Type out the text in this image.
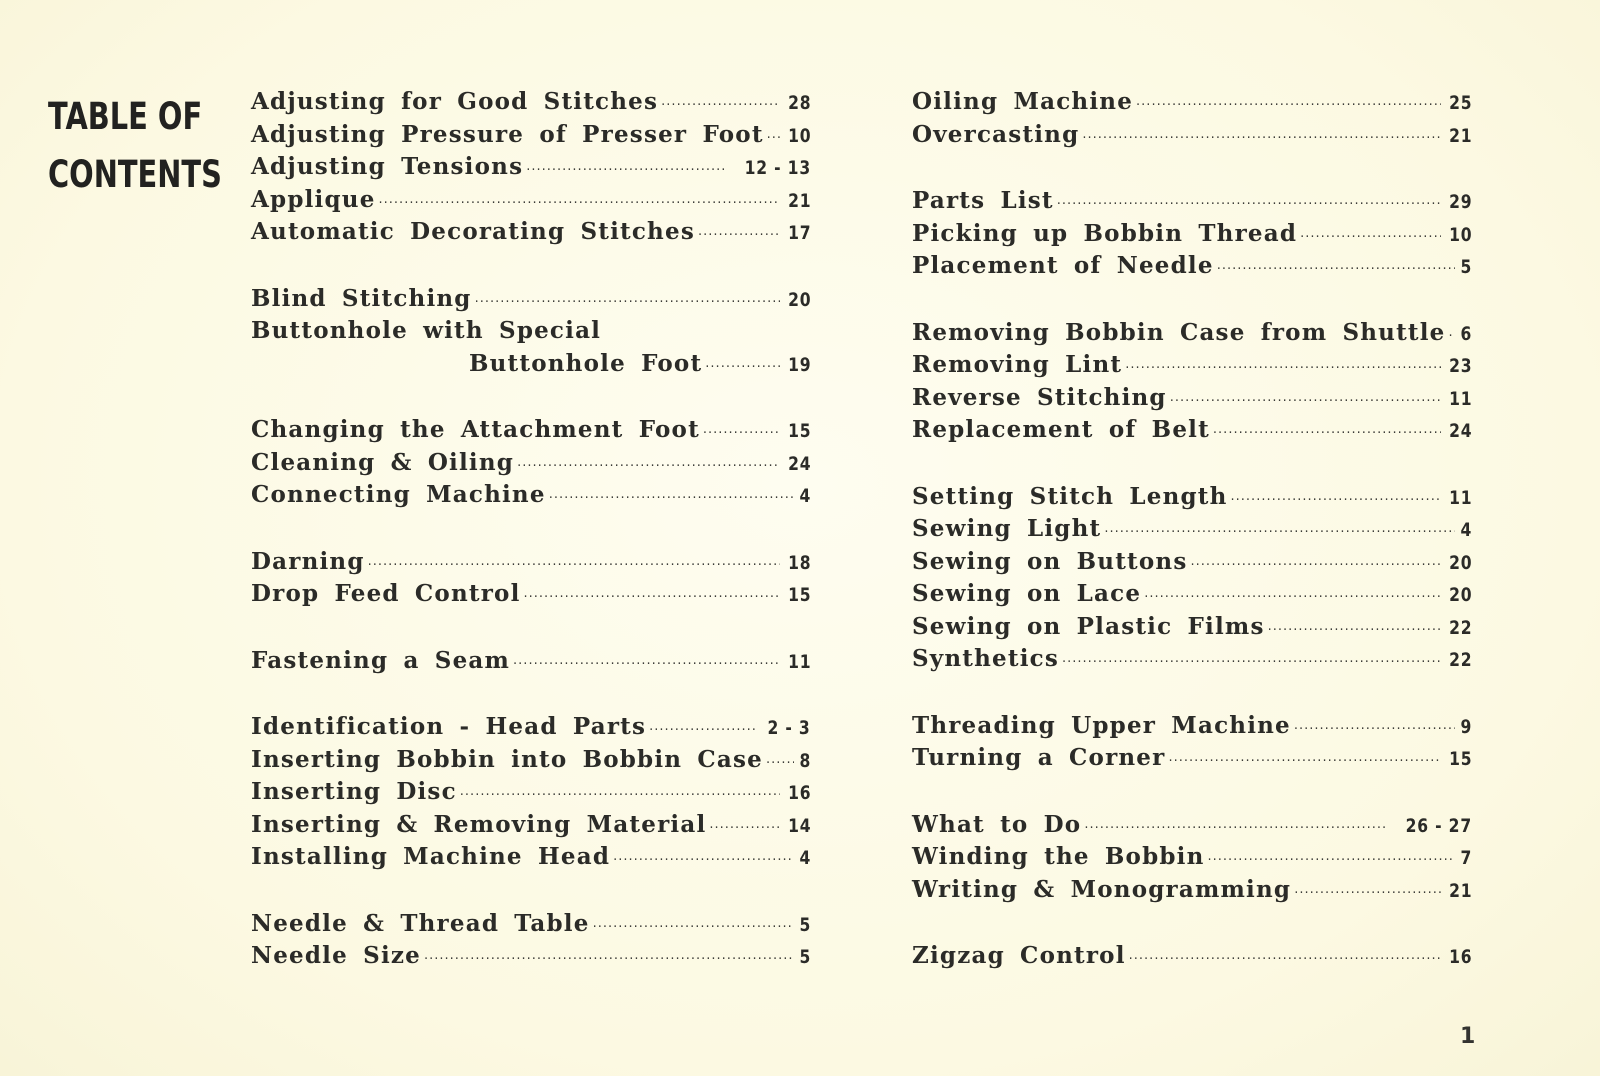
TABLE OF
CONTENTS
Adjusting for Good Stitches ·····	28
Adjusting Pressure of Presser Foot ····· 10
Adjusting Tensions ·····	12 - 13
Applique ·····	21
Automatic Decorating Stitches ·····	17
Blind Stitching ·····	20
Buttonhole with Special
Buttonhole Foot ·····	19
Changing the Attachment Foot ·····	15
Cleaning & Oiling ·····	24
Connecting Machine ·····	4
Darning ·····	18
Drop Feed Control ·····	15
Fastening a Seam ·····	11
Identification - Head Parts ·····	2 - 3
Inserting Bobbin into Bobbin Case ····· 8
Inserting Disc ·····	16
Inserting & Removing Material ·····	14
Installing Machine Head ·····	4
Needle & Thread Table ·····	5
Needle Size ·····	5
Oiling Machine ·····	25
Overcasting ·····	21
Parts List ·····	29
Picking up Bobbin Thread ·····	10
Placement of Needle ·····	5
Removing Bobbin Case from Shuttle ····· 6
Removing Lint ·····	23
Reverse Stitching ·····	11
Replacement of Belt ·····	24
Setting Stitch Length ·····	11
Sewing Light ·····	4
Sewing on Buttons ·····	20
Sewing on Lace ·····	20
Sewing on Plastic Films ·····	22
Synthetics ·····	22
Threading Upper Machine ·····	9
Turning a Corner ·····	15
What to Do ·····	26 - 27
Winding the Bobbin ·····	7
Writing & Monogramming ·····	21
Zigzag Control ·····	16
1
